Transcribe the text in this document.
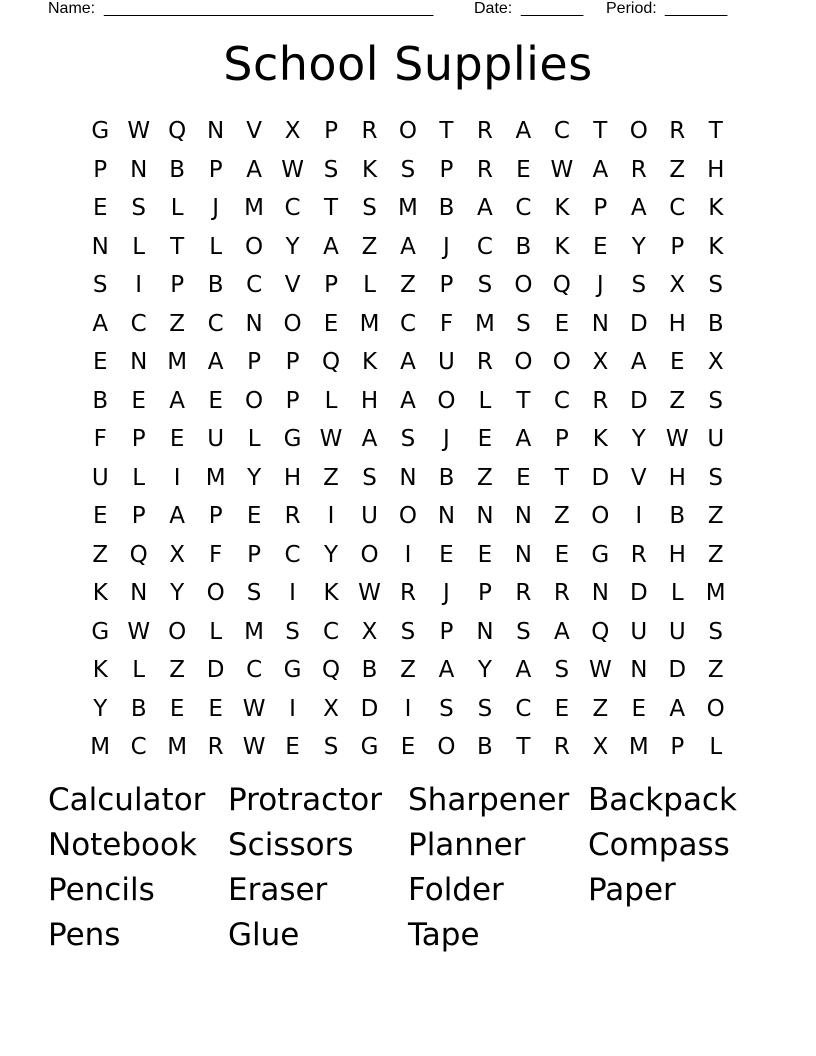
Name: _____________________________________	Date: _______ Period: _______
School Supplies
G W Q N V X	P	R O T	R A C	T O R	T
P N B	P	A W S	K	S	P	R	E W A R Z H
E	S	L	J	M C	T	S M B A C K	P	A C K
N	L	T	L	O Y	A Z A	J	C B	K	E	Y	P	K
S	I	P	B C V	P	L	Z	P	S O Q	J	S	X	S
A C Z C N O E M C	F M S	E N D H B
E N M A	P	P Q K	A U R O O X A	E	X
B	E	A	E O P	L	H A O	L	T	C R D Z	S
F	P	E U	L	G W A	S	J	E	A	P	K	Y W U
U	L	I	M Y H Z	S N B Z	E	T D V H S
E	P	A	P	E	R	I	U O N N N Z O	I	B Z
Z Q X	F	P	C	Y O	I	E	E N E G R H Z
K N Y O S	I	K W R	J	P	R R N D	L M
G W O	L M S	C X	S	P N S	A Q U U S
K	L	Z D C G Q B Z A	Y	A	S W N D Z
Y	B	E	E W	I	X D	I	S	S	C	E	Z	E	A O
M C M R W E	S G E O B	T	R X M P	L
Calculator Protractor Sharpener Backpack
Notebook Scissors Planner Compass
Pencils Eraser	Folder	Paper
Pens	Glue	Tape
